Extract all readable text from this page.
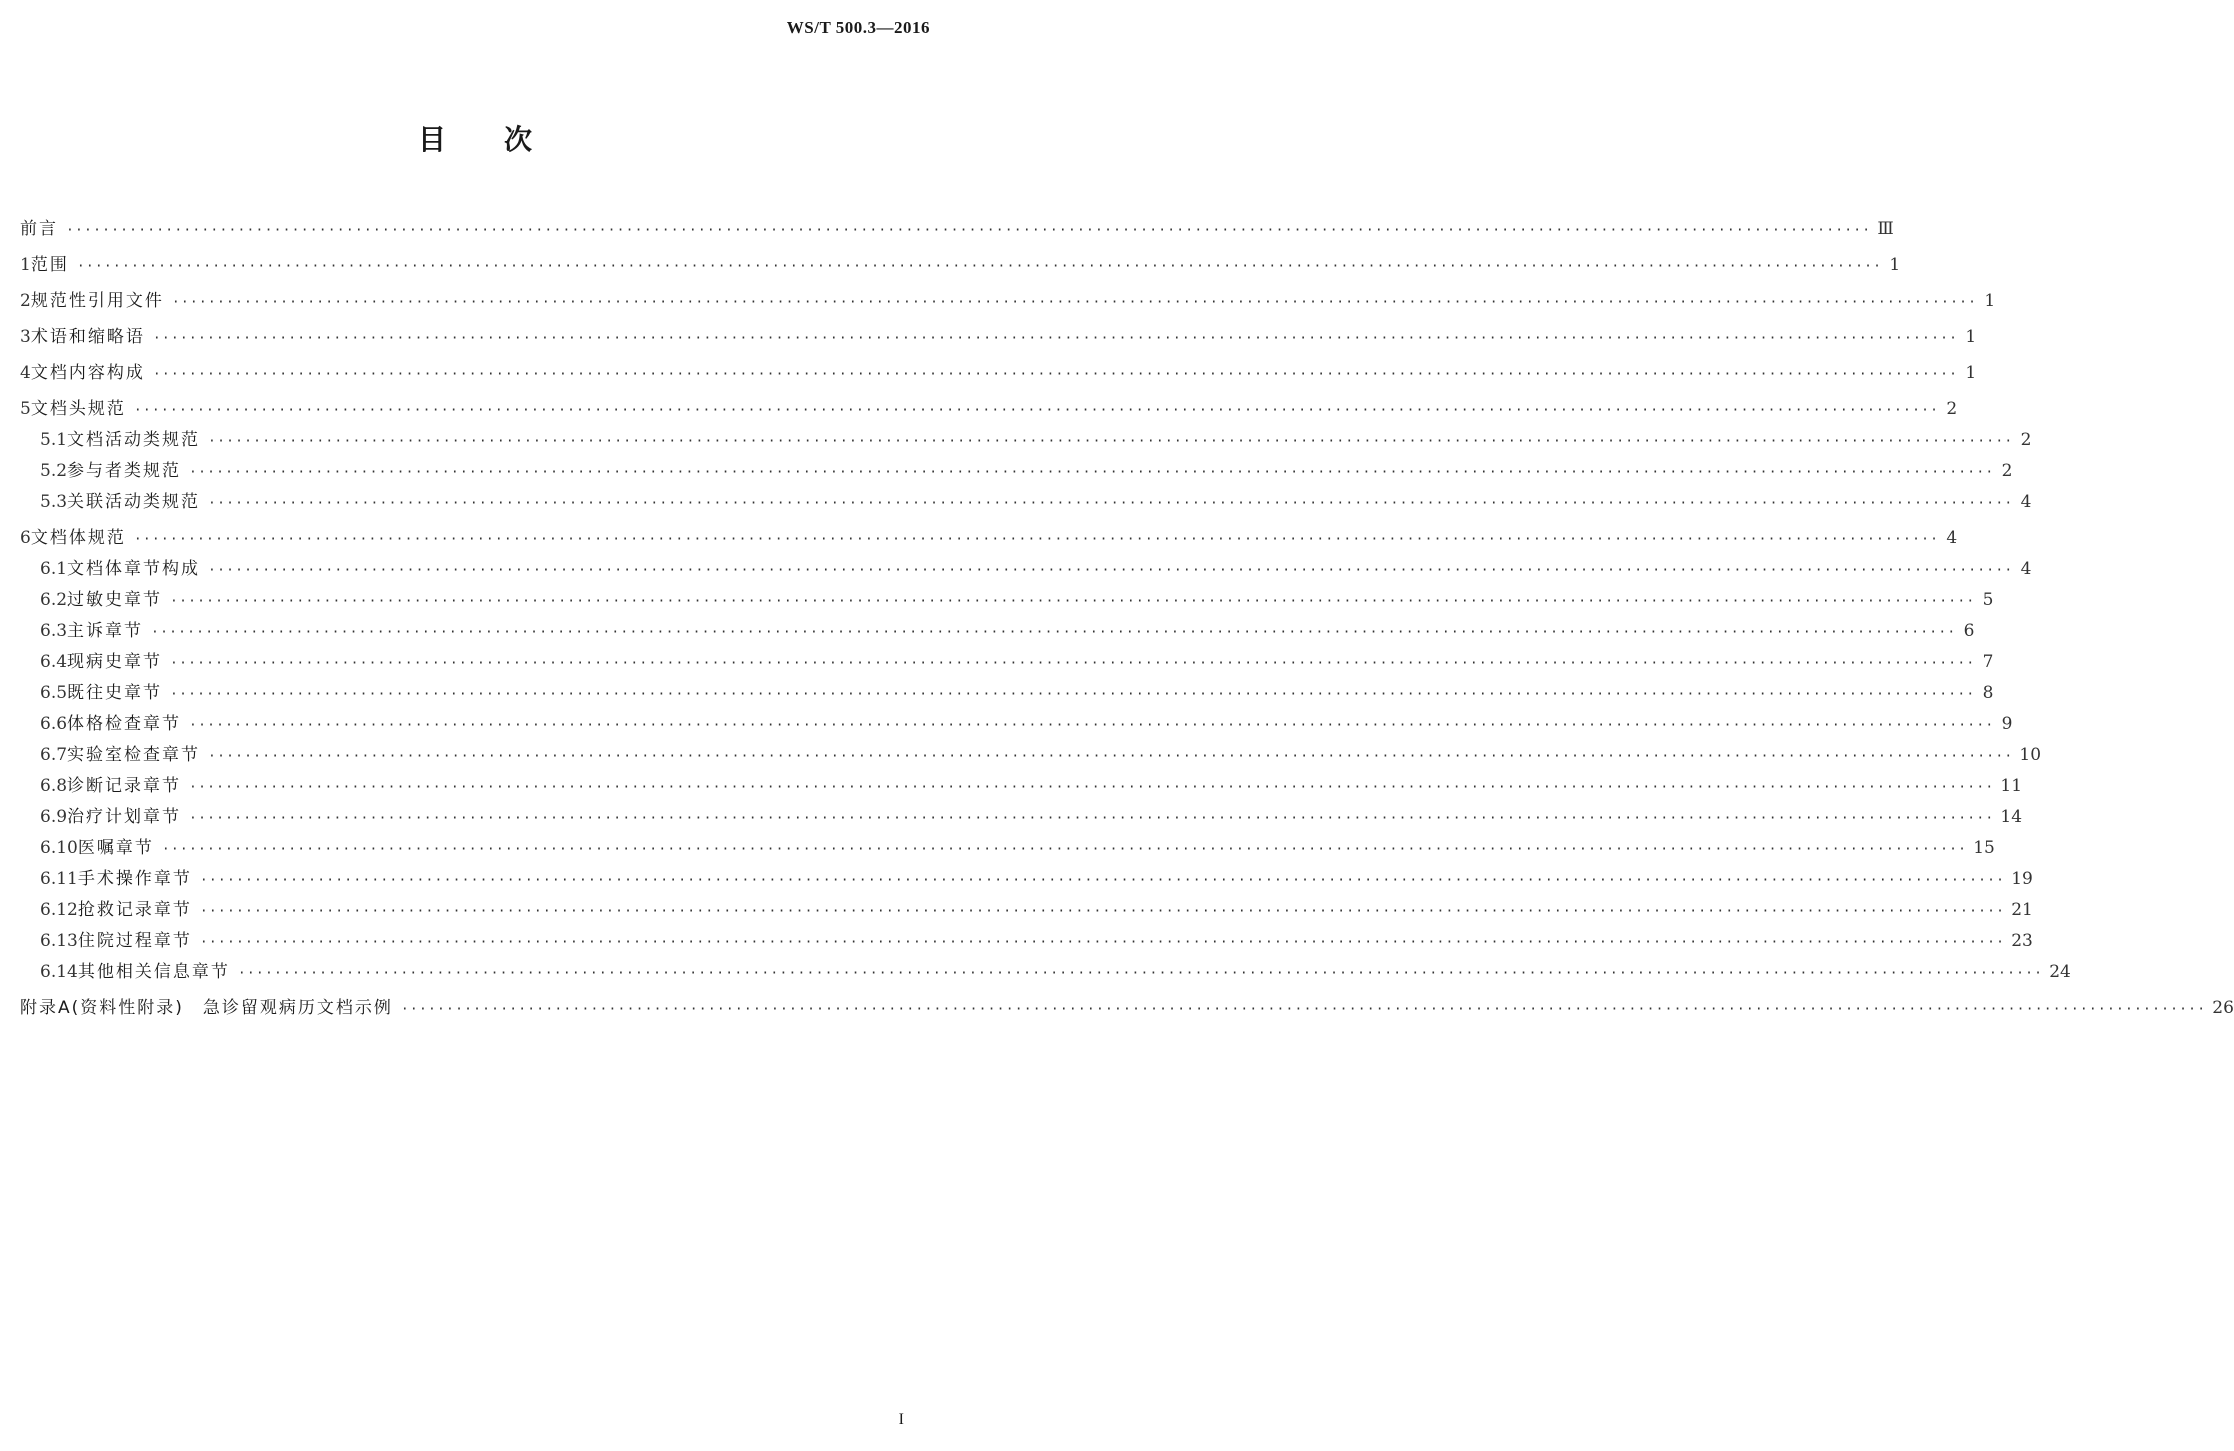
WS/T 500.3—2016
目次
前言 ········································································································································································································ Ⅲ
1 范围 ········································································································································································································ 1
2 规范性引用文件 ········································································································································································································ 1
3 术语和缩略语 ········································································································································································································ 1
4 文档内容构成 ········································································································································································································ 1
5 文档头规范 ········································································································································································································ 2
5.1 文档活动类规范 ········································································································································································································ 2
5.2 参与者类规范 ········································································································································································································ 2
5.3 关联活动类规范 ········································································································································································································ 4
6 文档体规范 ········································································································································································································ 4
6.1 文档体章节构成 ········································································································································································································ 4
6.2 过敏史章节 ········································································································································································································ 5
6.3 主诉章节 ········································································································································································································ 6
6.4 现病史章节 ········································································································································································································ 7
6.5 既往史章节 ········································································································································································································ 8
6.6 体格检查章节 ········································································································································································································ 9
6.7 实验室检查章节 ········································································································································································································ 10
6.8 诊断记录章节 ········································································································································································································ 11
6.9 治疗计划章节 ········································································································································································································ 14
6.10 医嘱章节 ········································································································································································································ 15
6.11 手术操作章节 ········································································································································································································ 19
6.12 抢救记录章节 ········································································································································································································ 21
6.13 住院过程章节 ········································································································································································································ 23
6.14 其他相关信息章节 ········································································································································································································ 24
附录A(资料性附录)　急诊留观病历文档示例 ········································································································································································································ 26
I
